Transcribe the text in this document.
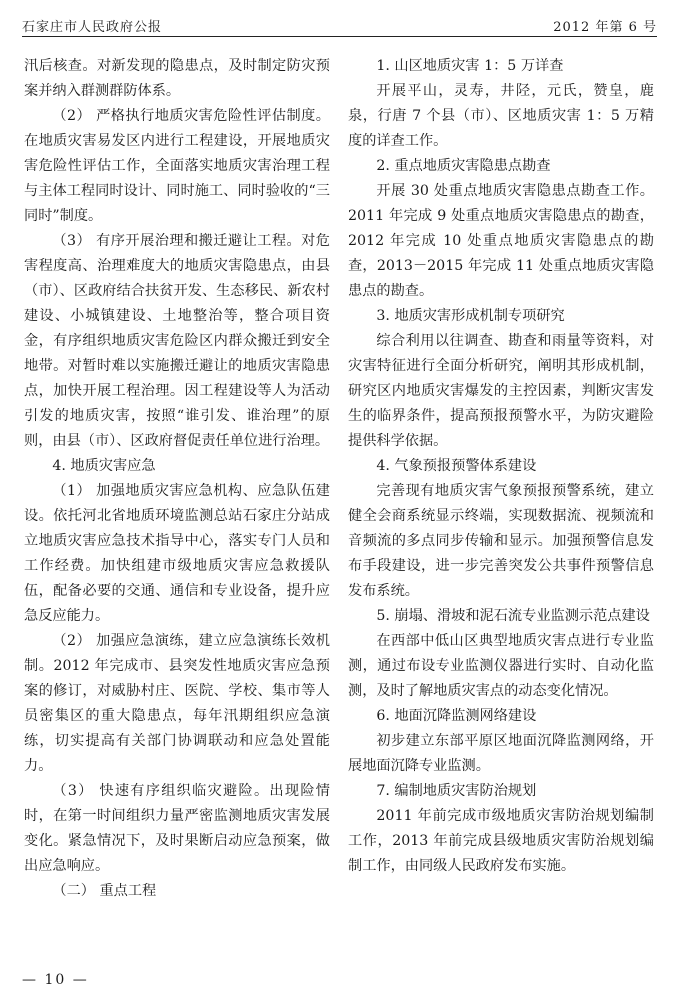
石家庄市人民政府公报	2012 年第 6 号

汛后核查。对新发现的隐患点，及时制定防灾预案并纳入群测群防体系。

（2） 严格执行地质灾害危险性评估制度。在地质灾害易发区内进行工程建设，开展地质灾害危险性评估工作，全面落实地质灾害治理工程与主体工程同时设计、同时施工、同时验收的“三同时”制度。

（3） 有序开展治理和搬迁避让工程。对危害程度高、治理难度大的地质灾害隐患点，由县（市）、区政府结合扶贫开发、生态移民、新农村建设、小城镇建设、土地整治等，整合项目资金，有序组织地质灾害危险区内群众搬迁到安全地带。对暂时难以实施搬迁避让的地质灾害隐患点，加快开展工程治理。因工程建设等人为活动引发的地质灾害，按照“谁引发、谁治理”的原则，由县（市）、区政府督促责任单位进行治理。

4. 地质灾害应急

（1） 加强地质灾害应急机构、应急队伍建设。依托河北省地质环境监测总站石家庄分站成立地质灾害应急技术指导中心，落实专门人员和工作经费。加快组建市级地质灾害应急救援队伍，配备必要的交通、通信和专业设备，提升应急反应能力。

（2） 加强应急演练，建立应急演练长效机制。2012 年完成市、县突发性地质灾害应急预案的修订，对威胁村庄、医院、学校、集市等人员密集区的重大隐患点，每年汛期组织应急演练，切实提高有关部门协调联动和应急处置能力。

（3） 快速有序组织临灾避险。出现险情时，在第一时间组织力量严密监测地质灾害发展变化。紧急情况下，及时果断启动应急预案，做出应急响应。

（二） 重点工程

1. 山区地质灾害 1：5 万详查

开展平山，灵寿，井陉，元氏，赞皇，鹿泉，行唐 7 个县（市）、区地质灾害 1：5 万精度的详查工作。

2. 重点地质灾害隐患点勘查

开展 30 处重点地质灾害隐患点勘查工作。2011 年完成 9 处重点地质灾害隐患点的勘查，2012 年完成 10 处重点地质灾害隐患点的勘查，2013－2015 年完成 11 处重点地质灾害隐患点的勘查。

3. 地质灾害形成机制专项研究

综合利用以往调查、勘查和雨量等资料，对灾害特征进行全面分析研究，阐明其形成机制，研究区内地质灾害爆发的主控因素，判断灾害发生的临界条件，提高预报预警水平，为防灾避险提供科学依据。

4. 气象预报预警体系建设

完善现有地质灾害气象预报预警系统，建立健全会商系统显示终端，实现数据流、视频流和音频流的多点同步传输和显示。加强预警信息发布手段建设，进一步完善突发公共事件预警信息发布系统。

5. 崩塌、滑坡和泥石流专业监测示范点建设

在西部中低山区典型地质灾害点进行专业监测，通过布设专业监测仪器进行实时、自动化监测，及时了解地质灾害点的动态变化情况。

6. 地面沉降监测网络建设

初步建立东部平原区地面沉降监测网络，开展地面沉降专业监测。

7. 编制地质灾害防治规划

2011 年前完成市级地质灾害防治规划编制工作，2013 年前完成县级地质灾害防治规划编制工作，由同级人民政府发布实施。

— 10 —
